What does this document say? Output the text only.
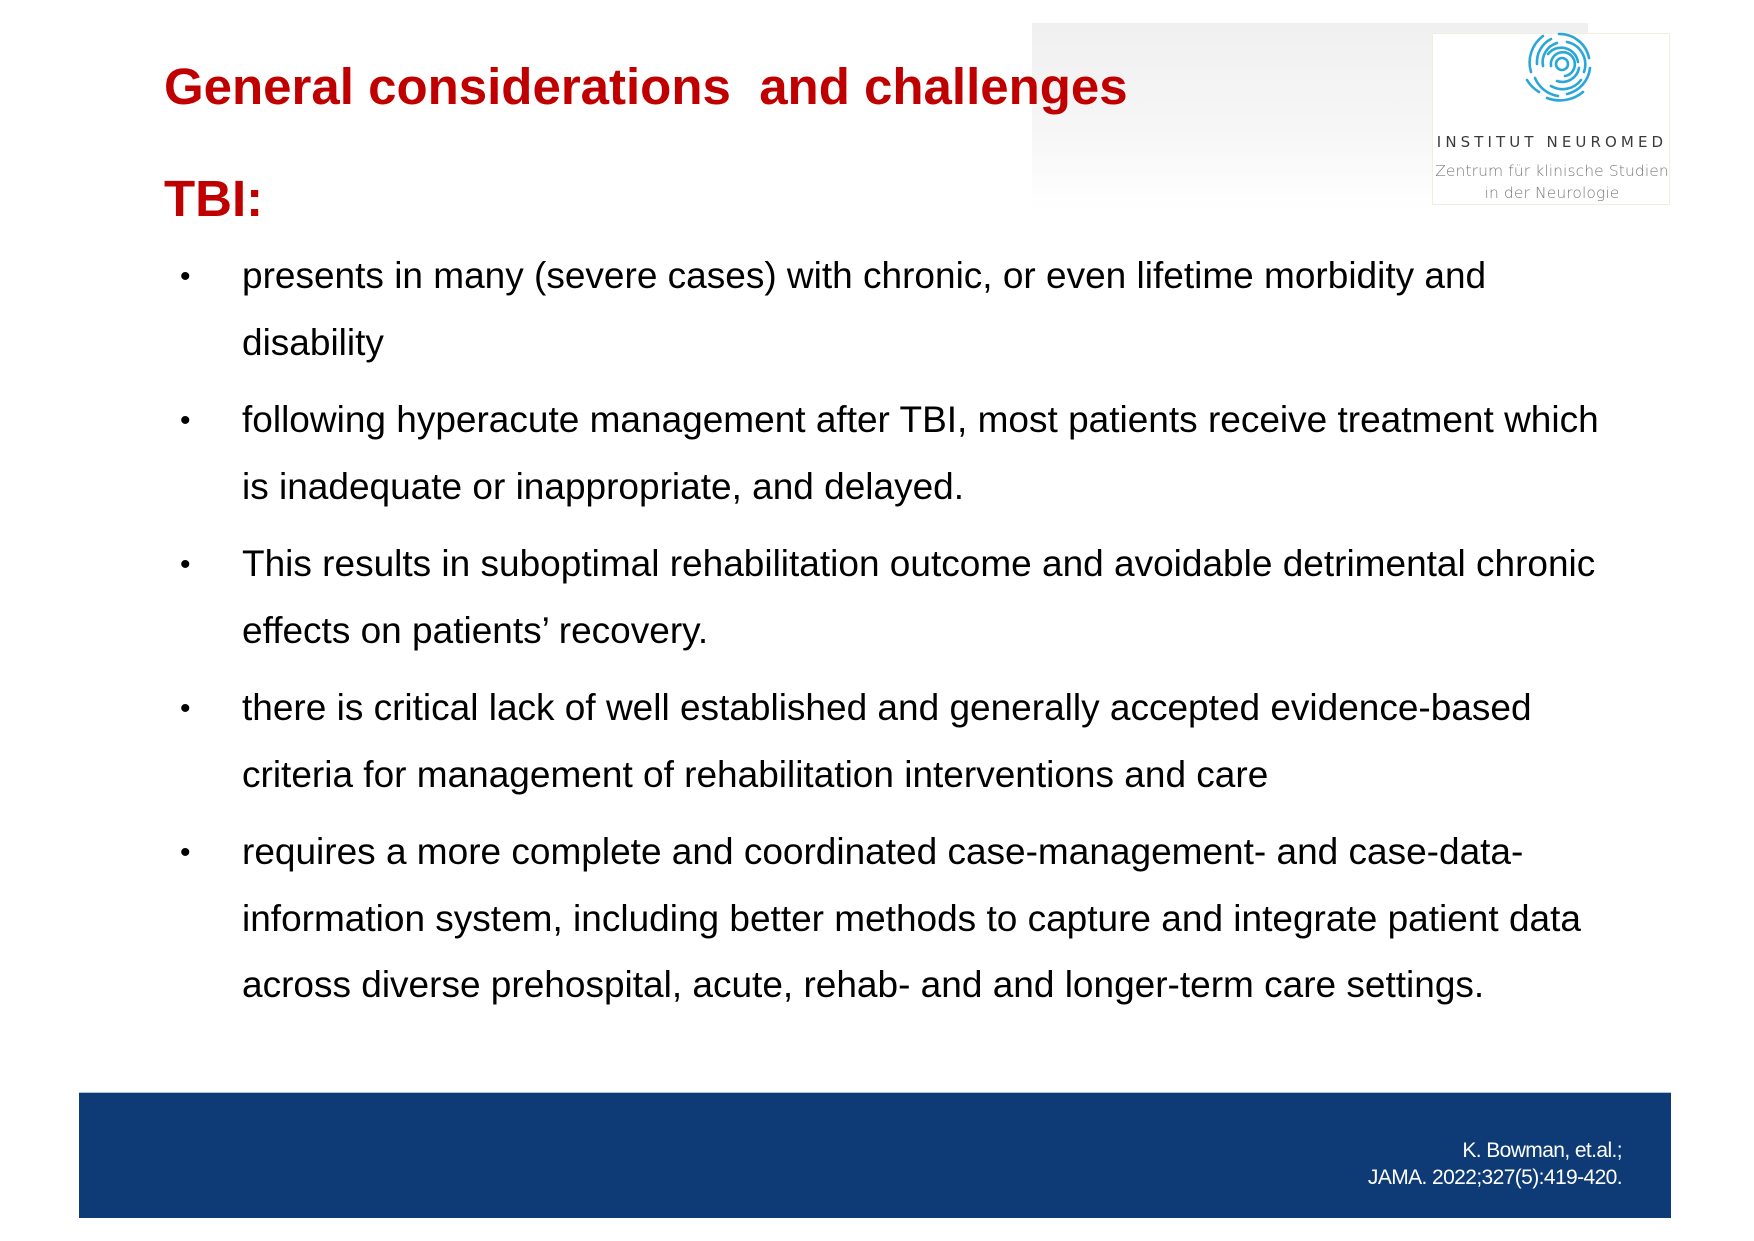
INSTITUT NEUROMED
Zentrum für klinische Studien
in der Neurologie
General considerations  and challenges
TBI:
• presents in many (severe cases) with chronic, or even lifetime morbidity and
disability
• following hyperacute management after TBI, most patients receive treatment which
is inadequate or inappropriate, and delayed.
• This results in suboptimal rehabilitation outcome and avoidable detrimental chronic
effects on patients’ recovery.
• there is critical lack of well established and generally accepted evidence-based
criteria for management of rehabilitation interventions and care
• requires a more complete and coordinated case-management- and case-data-
information system, including better methods to capture and integrate patient data
across diverse prehospital, acute, rehab- and and longer-term care settings.
K. Bowman, et.al.;
JAMA. 2022;327(5):419-420.
